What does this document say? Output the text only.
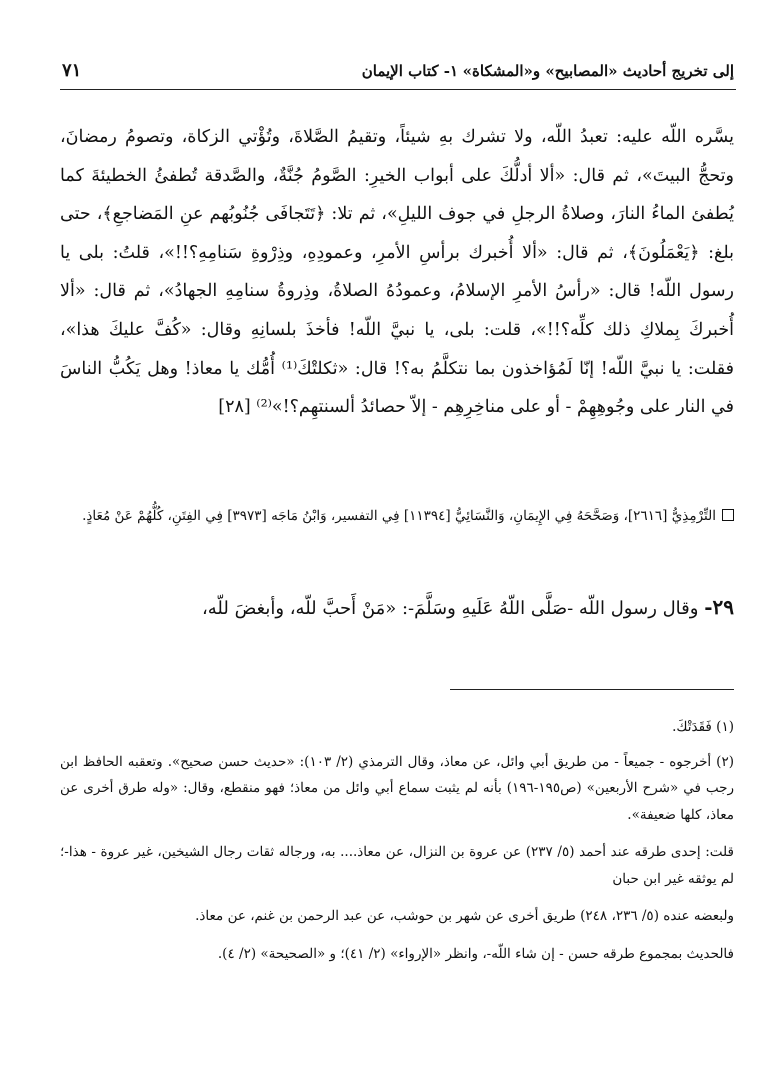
إلى تخريج أحاديث «المصابيح» و«المشكاة»
١- كتاب الإيمان
٧١

يسَّره اللّه عليه: تعبدُ اللّه، ولا تشرك بهِ شيئاً، وتقيمُ الصَّلاةَ، وتُؤْتي الزكاة، وتصومُ رمضانَ، وتحجُّ البيتَ»، ثم قال: «ألا أدلُّكَ على أبواب الخيرِ: الصَّومُ جُنَّةٌ، والصَّدقة تُطفئُ الخطيئةَ كما يُطفئ الماءُ النارَ، وصلاةُ الرجلِ في جوف الليلِ»، ثم تلا: ﴿تَتَجافَى جُنُوبُهم عنِ المَضاجعِ﴾، حتى بلغ: ﴿يَعْمَلُونَ﴾، ثم قال: «ألا أُخبرك برأسِ الأمرِ، وعمودِهِ، وذِرْوةِ سَنامِهِ؟!!»، قلتُ: بلى يا رسول اللّه! قال: «رأسُ الأمرِ الإسلامُ، وعمودُهُ الصلاةُ، وذِروةُ سنامِهِ الجهادُ»، ثم قال: «ألا أُخبركَ بِملاكِ ذلك كلِّه؟!!»، قلت: بلى، يا نبيَّ اللّه! فأخذَ بلسانِهِ وقال: «كُفَّ عليكَ هذا»، فقلت: يا نبيَّ اللّه! إنّا لَمُؤاخذون بما نتكلَّمُ به؟! قال: «ثكلتْكَ⁽¹⁾ أُمُّك يا معاذ! وهل يَكُبُّ الناسَ في النار على وجُوهِهِمْ - أو على مناخِرِهِم - إلاّ حصائدُ ألسنتهِم؟!»⁽²⁾ [٢٨]

التِّرْمِذِيُّ [٢٦١٦]، وَصَحَّحَهُ فِي الإِيمَانِ، وَالنَّسَائِيُّ [١١٣٩٤] فِي التفسير، وَابْنُ مَاجَه [٣٩٧٣] فِي الفِتَنِ، كُلُّهُمْ عَنْ مُعَاذٍ.
٢٩- وقال رسول اللّه -صَلَّى اللّهُ عَلَيهِ وسَلَّمَ-: «مَنْ أَحبَّ للّه، وأبغضَ للّه،

(١) فَقَدَتْكَ.

(٢) أخرجوه - جميعاً - من طريق أبي وائل، عن معاذ، وقال الترمذي (٢/ ١٠٣): «حديث حسن صحيح». وتعقبه الحافظ ابن رجب في «شرح الأربعين» (ص١٩٥-١٩٦) بأنه لم يثبت سماع أبي وائل من معاذ؛ فهو منقطع، وقال: «وله طرق أخرى عن معاذ، كلها ضعيفة».

قلت: إحدى طرقه عند أحمد (٥/ ٢٣٧) عن عروة بن النزال، عن معاذ.... به، ورجاله ثقات رجال الشيخين، غير عروة - هذا-؛ لم يوثقه غير ابن حبان

ولبعضه عنده (٥/ ٢٣٦، ٢٤٨) طريق أخرى عن شهر بن حوشب، عن عبد الرحمن بن غنم، عن معاذ.

فالحديث بمجموع طرقه حسن - إن شاء اللّه-، وانظر «الإرواء» (٢/ ٤١)؛ و «الصحيحة» (٢/ ٤).
